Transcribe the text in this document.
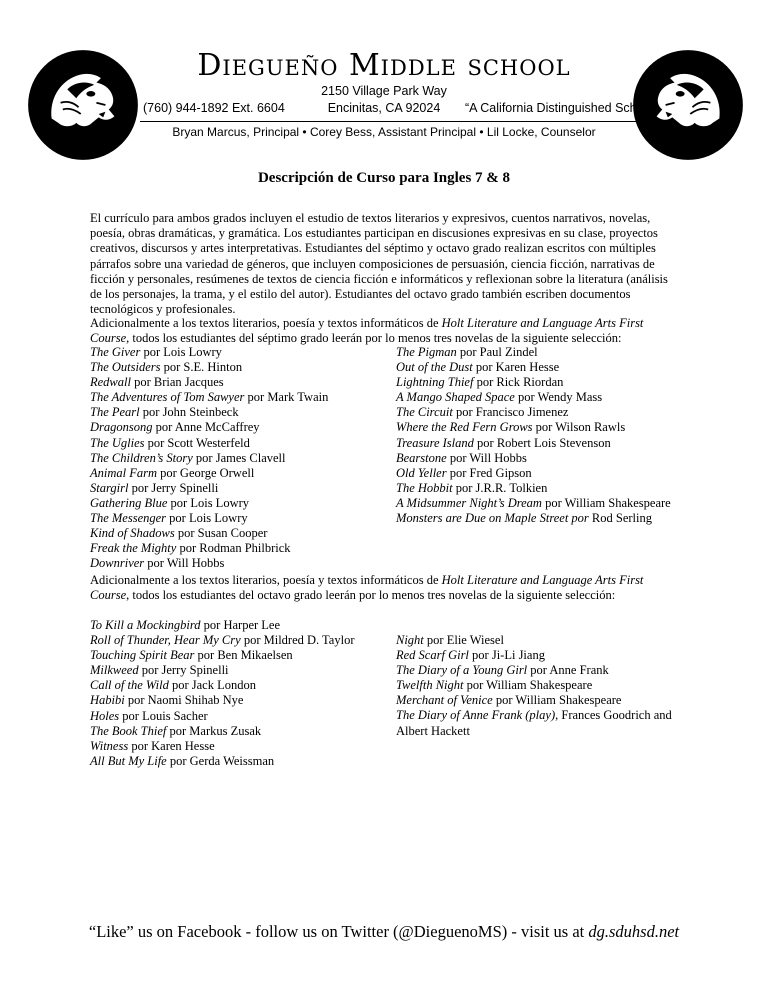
Diegueño Middle school
2150 Village Park Way
Encinitas, CA 92024
(760) 944-1892 Ext. 6604	“A California Distinguished School”
Bryan Marcus, Principal • Corey Bess, Assistant Principal • Lil Locke, Counselor
Descripción de Curso para Ingles 7 & 8
El currículo para ambos grados incluyen el estudio de textos literarios y expresivos, cuentos narrativos, novelas, poesía, obras dramáticas, y gramática. Los estudiantes participan en discusiones expresivas en su clase, proyectos creativos, discursos y artes interpretativas. Estudiantes del séptimo y octavo grado realizan escritos con múltiples párrafos sobre una variedad de géneros, que incluyen composiciones de persuasión, ciencia ficción, narrativas de ficción y personales, resúmenes de textos de ciencia ficción e informáticos y reflexionan sobre la literatura (análisis de los personajes, la trama, y el estilo del autor). Estudiantes del octavo grado también escriben documentos tecnológicos y profesionales.
Adicionalmente a los textos literarios, poesía y textos informáticos de Holt Literature and Language Arts First Course, todos los estudiantes del séptimo grado leerán por lo menos tres novelas de la siguiente selección:
The Giver por Lois Lowry
The Outsiders por S.E. Hinton
Redwall por Brian Jacques
The Adventures of Tom Sawyer por Mark Twain
The Pearl por John Steinbeck
Dragonsong por Anne McCaffrey
The Uglies por Scott Westerfeld
The Children’s Story por James Clavell
Animal Farm por George Orwell
Stargirl por Jerry Spinelli
Gathering Blue por Lois Lowry
The Messenger por Lois Lowry
Kind of Shadows por Susan Cooper
Freak the Mighty por Rodman Philbrick
Downriver por Will Hobbs
The Pigman por Paul Zindel
Out of the Dust por Karen Hesse
Lightning Thief por Rick Riordan
A Mango Shaped Space por Wendy Mass
The Circuit por Francisco Jimenez
Where the Red Fern Grows por Wilson Rawls
Treasure Island por Robert Lois Stevenson
Bearstone por Will Hobbs
Old Yeller por Fred Gipson
The Hobbit por J.R.R. Tolkien
A Midsummer Night’s Dream por William Shakespeare
Monsters are Due on Maple Street por Rod Serling
Adicionalmente a los textos literarios, poesía y textos informáticos de Holt Literature and Language Arts First Course, todos los estudiantes del octavo grado leerán por lo menos tres novelas de la siguiente selección:
To Kill a Mockingbird por Harper Lee
Roll of Thunder, Hear My Cry por Mildred D. Taylor
Touching Spirit Bear por Ben Mikaelsen
Milkweed por Jerry Spinelli
Call of the Wild por Jack London
Habibi por Naomi Shihab Nye
Holes por Louis Sacher
The Book Thief por Markus Zusak
Witness por Karen Hesse
All But My Life por Gerda Weissman
Night por Elie Wiesel
Red Scarf Girl por Ji-Li Jiang
The Diary of a Young Girl por Anne Frank
Twelfth Night por William Shakespeare
Merchant of Venice por William Shakespeare
The Diary of Anne Frank (play), Frances Goodrich and Albert Hackett
“Like” us on Facebook - follow us on Twitter (@DieguenoMS) - visit us at dg.sduhsd.net
